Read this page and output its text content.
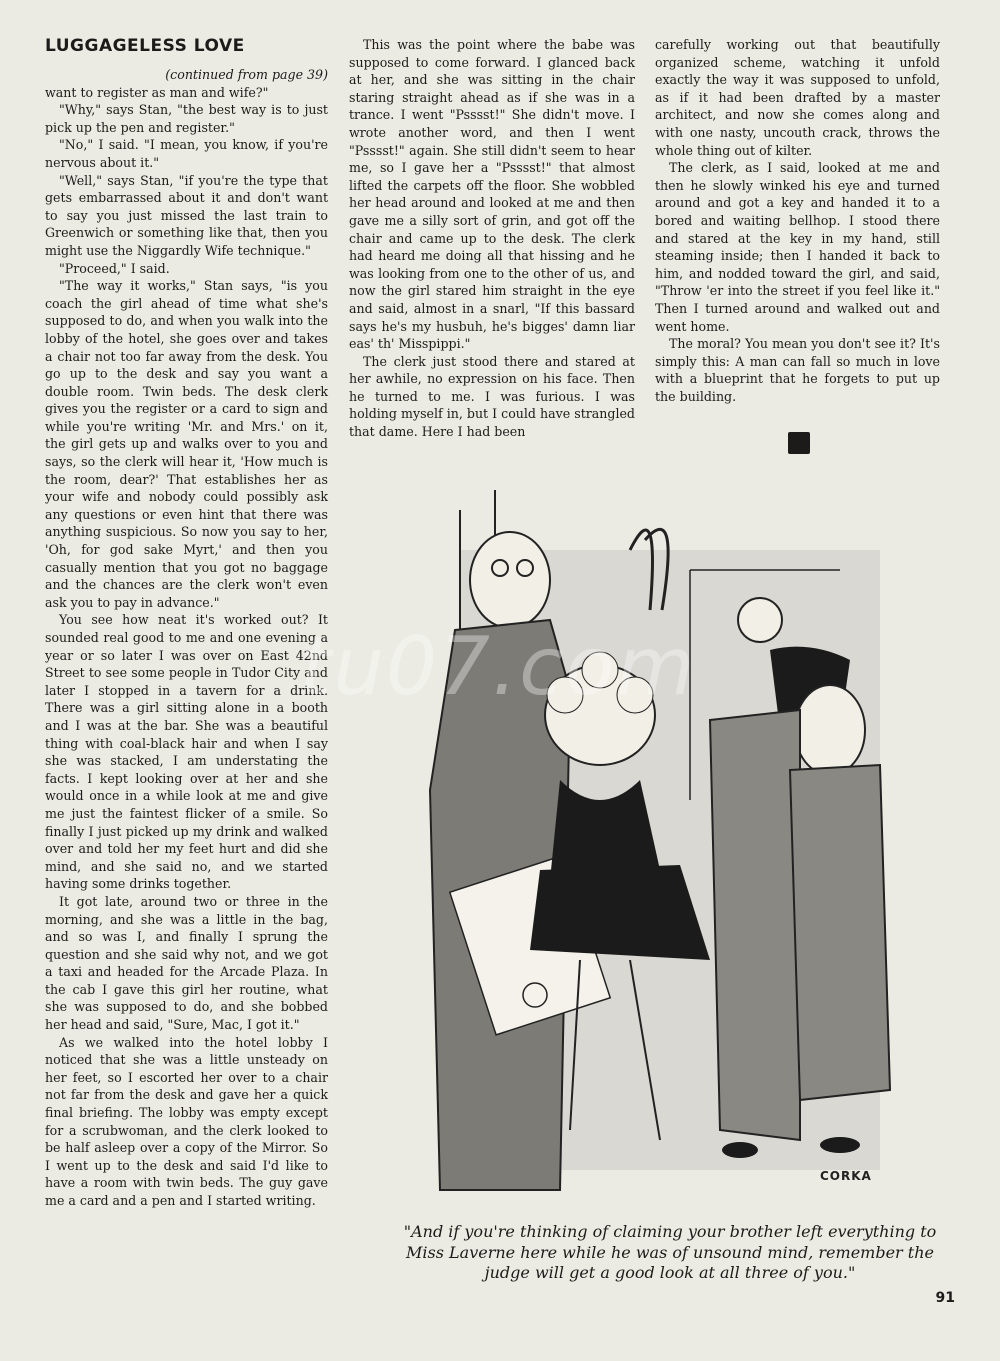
LUGGAGELESS LOVE

(continued from page 39)

want to register as man and wife?"

"Why," says Stan, "the best way is to just pick up the pen and register."

"No," I said. "I mean, you know, if you're nervous about it."

"Well," says Stan, "if you're the type that gets embarrassed about it and don't want to say you just missed the last train to Greenwich or something like that, then you might use the Niggardly Wife technique."

"Proceed," I said.

"The way it works," Stan says, "is you coach the girl ahead of time what she's supposed to do, and when you walk into the lobby of the hotel, she goes over and takes a chair not too far away from the desk. You go up to the desk and say you want a double room. Twin beds. The desk clerk gives you the register or a card to sign and while you're writing 'Mr. and Mrs.' on it, the girl gets up and walks over to you and says, so the clerk will hear it, 'How much is the room, dear?' That establishes her as your wife and nobody could possibly ask any questions or even hint that there was anything suspicious. So now you say to her, 'Oh, for god sake Myrt,' and then you casually mention that you got no baggage and the chances are the clerk won't even ask you to pay in advance."

You see how neat it's worked out? It sounded real good to me and one evening a year or so later I was over on East 42nd Street to see some people in Tudor City and later I stopped in a tavern for a drink. There was a girl sitting alone in a booth and I was at the bar. She was a beautiful thing with coal-black hair and when I say she was stacked, I am understating the facts. I kept looking over at her and she would once in a while look at me and give me just the faintest flicker of a smile. So finally I just picked up my drink and walked over and told her my feet hurt and did she mind, and she said no, and we started having some drinks together.

It got late, around two or three in the morning, and she was a little in the bag, and so was I, and finally I sprung the question and she said why not, and we got a taxi and headed for the Arcade Plaza. In the cab I gave this girl her routine, what she was supposed to do, and she bobbed her head and said, "Sure, Mac, I got it."

As we walked into the hotel lobby I noticed that she was a little unsteady on her feet, so I escorted her over to a chair not far from the desk and gave her a quick final briefing. The lobby was empty except for a scrubwoman, and the clerk looked to be half asleep over a copy of the Mirror. So I went up to the desk and said I'd like to have a room with twin beds. The guy gave me a card and a pen and I started writing.

This was the point where the babe was supposed to come forward. I glanced back at her, and she was sitting in the chair staring straight ahead as if she was in a trance. I went "Psssst!" She didn't move. I wrote another word, and then I went "Psssst!" again. She still didn't seem to hear me, so I gave her a "Psssst!" that almost lifted the carpets off the floor. She wobbled her head around and looked at me and then gave me a silly sort of grin, and got off the chair and came up to the desk. The clerk had heard me doing all that hissing and he was looking from one to the other of us, and now the girl stared him straight in the eye and said, almost in a snarl, "If this bassard says he's my husbuh, he's bigges' damn liar eas' th' Misspippi."

The clerk just stood there and stared at her awhile, no expression on his face. Then he turned to me. I was furious. I was holding myself in, but I could have strangled that dame. Here I had been

carefully working out that beautifully organized scheme, watching it unfold exactly the way it was supposed to unfold, as if it had been drafted by a master architect, and now she comes along and with one nasty, uncouth crack, throws the whole thing out of kilter.

The clerk, as I said, looked at me and then he slowly winked his eye and turned around and got a key and handed it to a bored and waiting bellhop. I stood there and stared at the key in my hand, still steaming inside; then I handed it back to him, and nodded toward the girl, and said, "Throw 'er into the street if you feel like it." Then I turned around and walked out and went home.

The moral? You mean you don't see it? It's simply this: A man can fall so much in love with a blueprint that he forgets to put up the building.

CORKA
"And if you're thinking of claiming your brother left everything to Miss Laverne here while he was of unsound mind, remember the judge will get a good look at all three of you."
91
tu07.com
